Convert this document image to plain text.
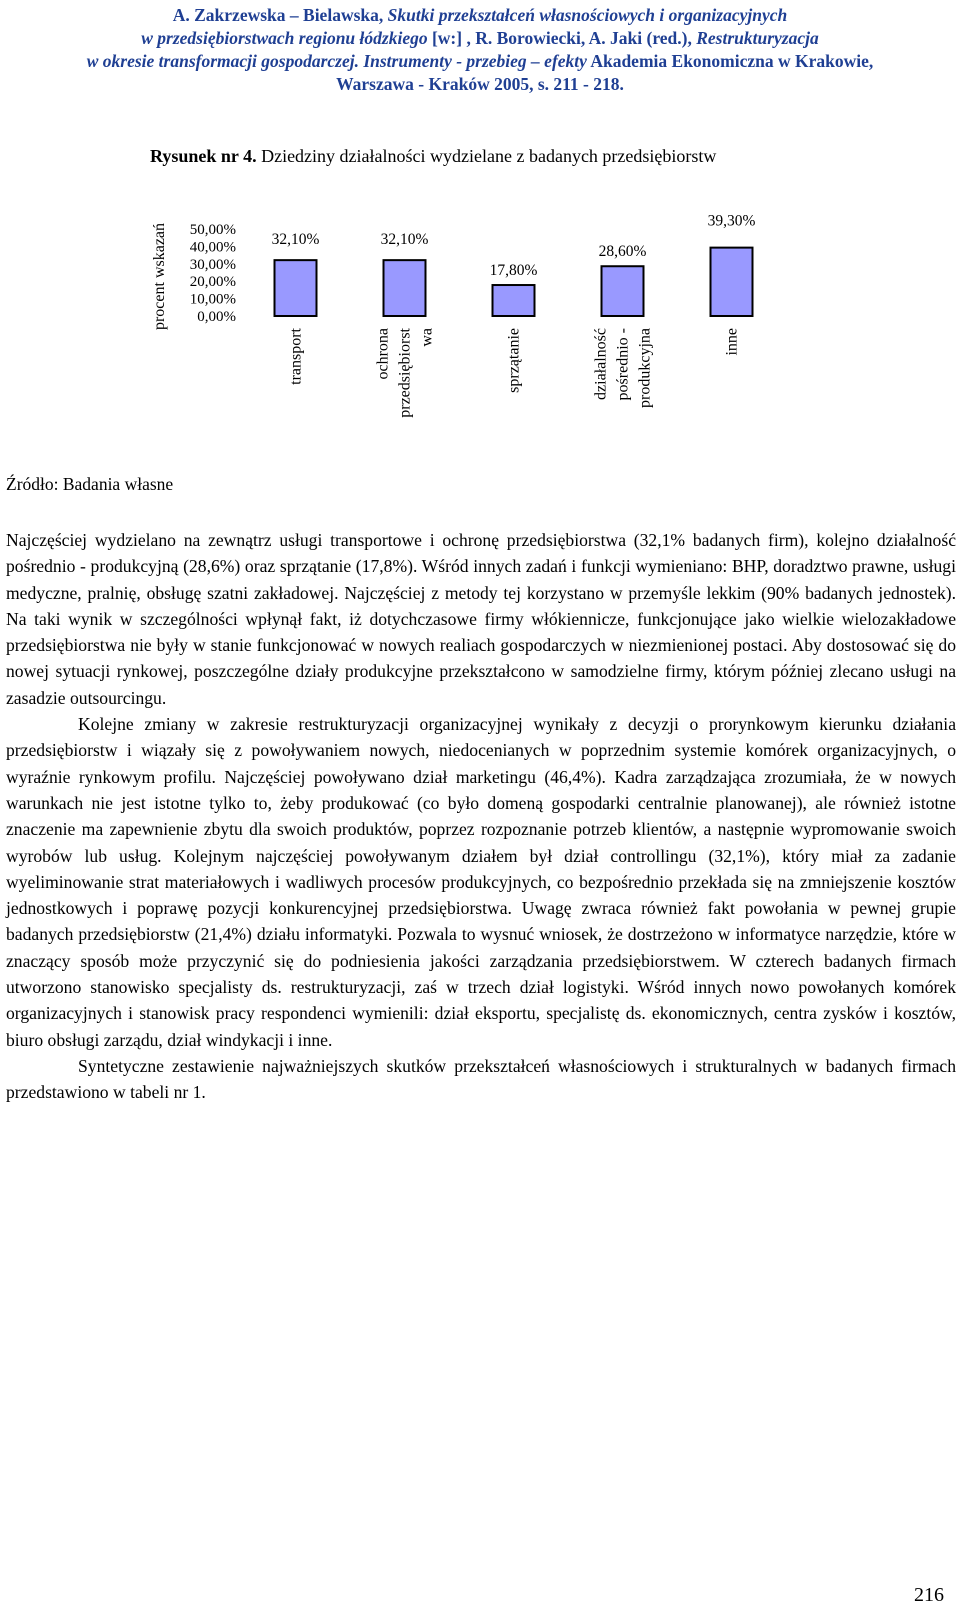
A. Zakrzewska – Bielawska, Skutki przekształceń własnościowych i organizacyjnych
w przedsiębiorstwach regionu łódzkiego [w:] , R. Borowiecki, A. Jaki (red.), Restrukturyzacja
w okresie transformacji gospodarczej. Instrumenty - przebieg – efekty Akademia Ekonomiczna w Krakowie,
Warszawa - Kraków 2005, s. 211 - 218.
Rysunek nr 4. Dziedziny działalności wydzielane z badanych przedsiębiorstw
procent wskazań 50,00%
40,00%
30,00%
20,00%
10,00%
0,00%
32,10%
transport
32,10%
ochrona przedsiębiorst wa
17,80%
sprzątanie
28,60%
działalność pośrednio - produkcyjna
39,30%
inne
Źródło: Badania własne

Najczęściej wydzielano na zewnątrz usługi transportowe i ochronę przedsiębiorstwa (32,1% badanych firm), kolejno działalność pośrednio - produkcyjną (28,6%) oraz sprzątanie (17,8%). Wśród innych zadań i funkcji wymieniano: BHP, doradztwo prawne, usługi medyczne, pralnię, obsługę szatni zakładowej. Najczęściej z metody tej korzystano w przemyśle lekkim (90% badanych jednostek). Na taki wynik w szczególności wpłynął fakt, iż dotychczasowe firmy włókiennicze, funkcjonujące jako wielkie wielozakładowe przedsiębiorstwa nie były w stanie funkcjonować w nowych realiach gospodarczych w niezmienionej postaci. Aby dostosować się do nowej sytuacji rynkowej, poszczególne działy produkcyjne przekształcono w samodzielne firmy, którym później zlecano usługi na zasadzie outsourcingu.

Kolejne zmiany w zakresie restrukturyzacji organizacyjnej wynikały z decyzji o prorynkowym kierunku działania przedsiębiorstw i wiązały się z powoływaniem nowych, niedocenianych w poprzednim systemie komórek organizacyjnych, o wyraźnie rynkowym profilu. Najczęściej powoływano dział marketingu (46,4%). Kadra zarządzająca zrozumiała, że w nowych warunkach nie jest istotne tylko to, żeby produkować (co było domeną gospodarki centralnie planowanej), ale również istotne znaczenie ma zapewnienie zbytu dla swoich produktów, poprzez rozpoznanie potrzeb klientów, a następnie wypromowanie swoich wyrobów lub usług. Kolejnym najczęściej powoływanym działem był dział controllingu (32,1%), który miał za zadanie wyeliminowanie strat materiałowych i wadliwych procesów produkcyjnych, co bezpośrednio przekłada się na zmniejszenie kosztów jednostkowych i poprawę pozycji konkurencyjnej przedsiębiorstwa. Uwagę zwraca również fakt powołania w pewnej grupie badanych przedsiębiorstw (21,4%) działu informatyki. Pozwala to wysnuć wniosek, że dostrzeżono w informatyce narzędzie, które w znaczący sposób może przyczynić się do podniesienia jakości zarządzania przedsiębiorstwem. W czterech badanych firmach utworzono stanowisko specjalisty ds. restrukturyzacji, zaś w trzech dział logistyki. Wśród innych nowo powołanych komórek organizacyjnych i stanowisk pracy respondenci wymienili: dział eksportu, specjalistę ds. ekonomicznych, centra zysków i kosztów, biuro obsługi zarządu, dział windykacji i inne.

Syntetyczne zestawienie najważniejszych skutków przekształceń własnościowych i strukturalnych w badanych firmach przedstawiono w tabeli nr 1.

216
